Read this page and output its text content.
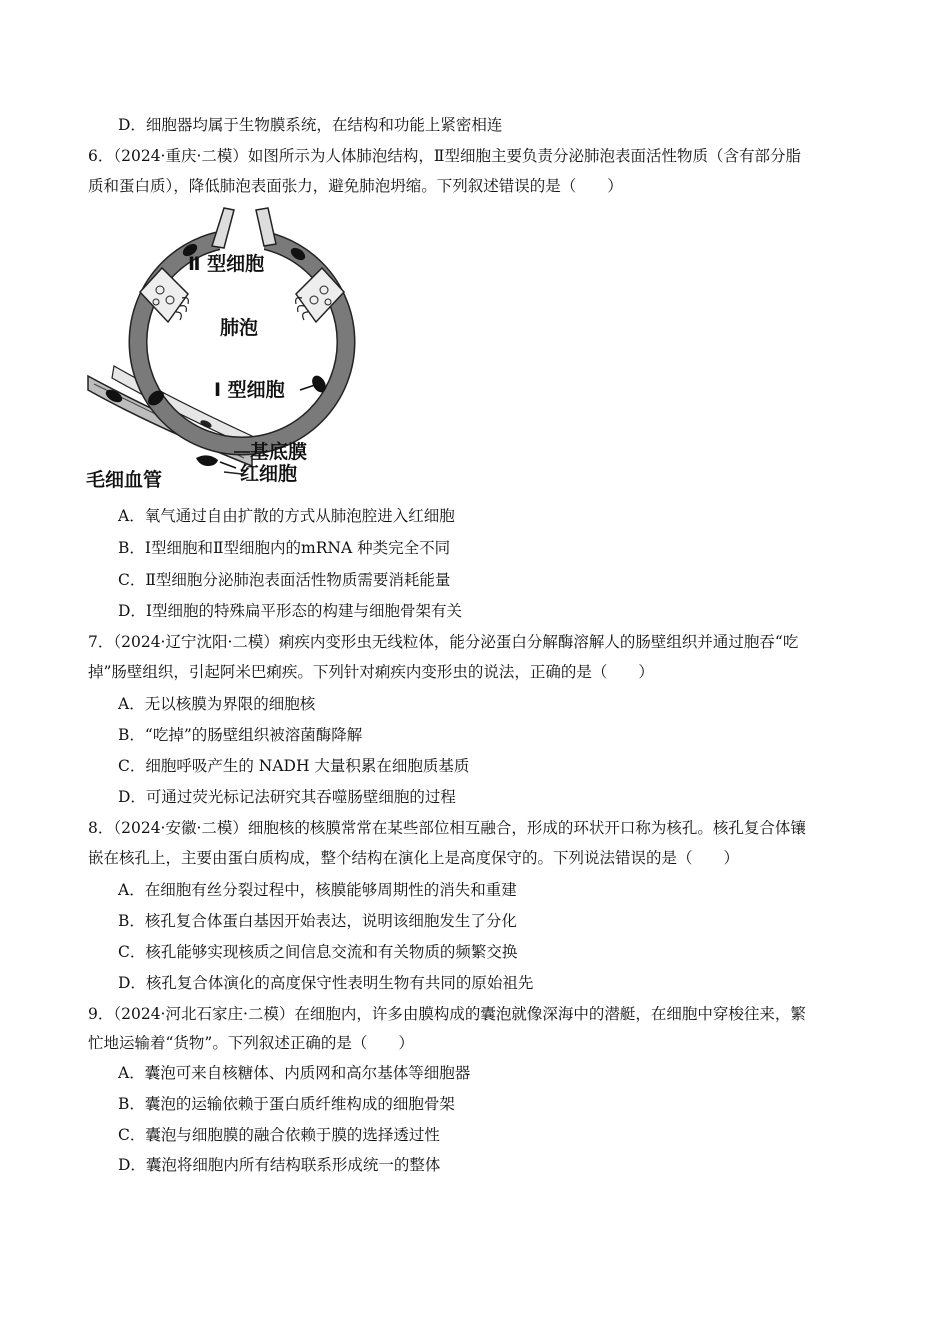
D．细胞器均属于生物膜系统，在结构和功能上紧密相连
6．（2024·重庆·二模）如图所示为人体肺泡结构，Ⅱ型细胞主要负责分泌肺泡表面活性物质（含有部分脂
质和蛋白质），降低肺泡表面张力，避免肺泡坍缩。下列叙述错误的是（　　）
Ⅱ 型细胞
肺泡
Ⅰ 型细胞
基底膜
红细胞
毛细血管
A．氧气通过自由扩散的方式从肺泡腔进入红细胞
B．Ⅰ型细胞和Ⅱ型细胞内的mRNA 种类完全不同
C．Ⅱ型细胞分泌肺泡表面活性物质需要消耗能量
D．Ⅰ型细胞的特殊扁平形态的构建与细胞骨架有关
7．（2024·辽宁沈阳·二模）痢疾内变形虫无线粒体，能分泌蛋白分解酶溶解人的肠壁组织并通过胞吞“吃
掉”肠壁组织，引起阿米巴痢疾。下列针对痢疾内变形虫的说法，正确的是（　　）
A．无以核膜为界限的细胞核
B．“吃掉”的肠壁组织被溶菌酶降解
C．细胞呼吸产生的 NADH 大量积累在细胞质基质
D．可通过荧光标记法研究其吞噬肠壁细胞的过程
8．（2024·安徽·二模）细胞核的核膜常常在某些部位相互融合，形成的环状开口称为核孔。核孔复合体镶
嵌在核孔上，主要由蛋白质构成，整个结构在演化上是高度保守的。下列说法错误的是（　　）
A．在细胞有丝分裂过程中，核膜能够周期性的消失和重建
B．核孔复合体蛋白基因开始表达，说明该细胞发生了分化
C．核孔能够实现核质之间信息交流和有关物质的频繁交换
D．核孔复合体演化的高度保守性表明生物有共同的原始祖先
9．（2024·河北石家庄·二模）在细胞内，许多由膜构成的囊泡就像深海中的潜艇，在细胞中穿梭往来，繁
忙地运输着“货物”。下列叙述正确的是（　　）
A．囊泡可来自核糖体、内质网和高尔基体等细胞器
B．囊泡的运输依赖于蛋白质纤维构成的细胞骨架
C．囊泡与细胞膜的融合依赖于膜的选择透过性
D．囊泡将细胞内所有结构联系形成统一的整体
